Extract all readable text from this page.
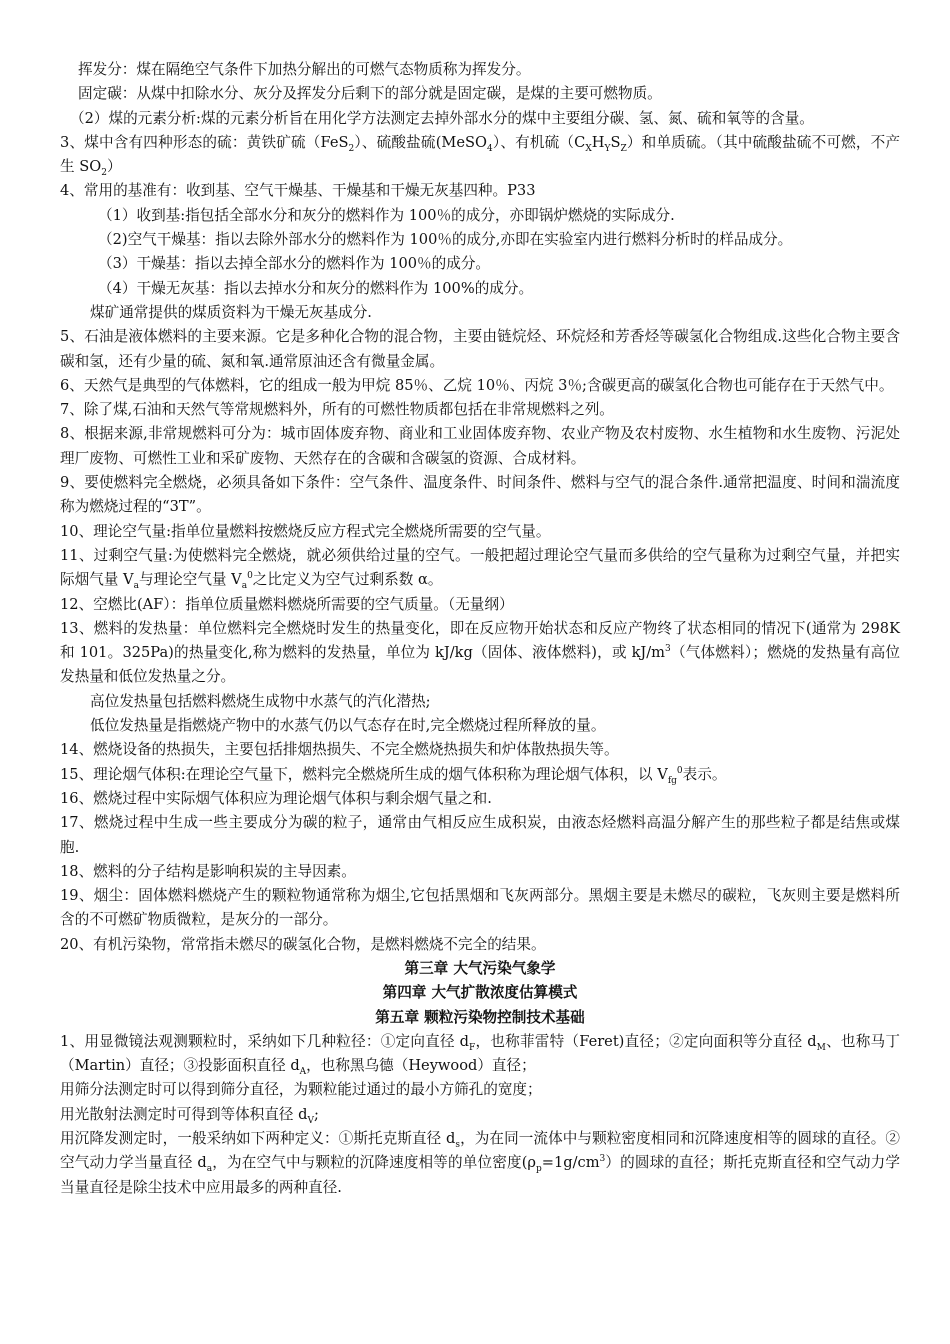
挥发分：煤在隔绝空气条件下加热分解出的可燃气态物质称为挥发分。

固定碳：从煤中扣除水分、灰分及挥发分后剩下的部分就是固定碳，是煤的主要可燃物质。

（2）煤的元素分析:煤的元素分析旨在用化学方法测定去掉外部水分的煤中主要组分碳、氢、氮、硫和氧等的含量。

3、煤中含有四种形态的硫：黄铁矿硫（FeS$_2$）、硫酸盐硫(MeSO$_4$）、有机硫$(C_XH_YS_Z)$和单质硫。（其中硫酸盐硫不可燃，不产生 $SO_2$）

4、常用的基准有：收到基、空气干燥基、干燥基和干燥无灰基四种。P33

（1）收到基:指包括全部水分和灰分的燃料作为 100％的成分，亦即锅炉燃烧的实际成分.

（2)空气干燥基：指以去除外部水分的燃料作为 100％的成分,亦即在实验室内进行燃料分析时的样品成分。

（3）干燥基：指以去掉全部水分的燃料作为 100％的成分。

（4）干燥无灰基：指以去掉水分和灰分的燃料作为 100%的成分。

煤矿通常提供的煤质资料为干燥无灰基成分.

5、石油是液体燃料的主要来源。它是多种化合物的混合物，主要由链烷烃、环烷烃和芳香烃等碳氢化合物组成.这些化合物主要含碳和氢，还有少量的硫、氮和氧.通常原油还含有微量金属。

6、天然气是典型的气体燃料，它的组成一般为甲烷 85％、乙烷 10％、丙烷 3％;含碳更高的碳氢化合物也可能存在于天然气中。

7、除了煤,石油和天然气等常规燃料外，所有的可燃性物质都包括在非常规燃料之列。

8、根据来源,非常规燃料可分为：城市固体废弃物、商业和工业固体废弃物、农业产物及农村废物、水生植物和水生废物、污泥处理厂废物、可燃性工业和采矿废物、天然存在的含碳和含碳氢的资源、合成材料。

9、要使燃料完全燃烧，必须具备如下条件：空气条件、温度条件、时间条件、燃料与空气的混合条件.通常把温度、时间和湍流度称为燃烧过程的“3T”。

10、理论空气量:指单位量燃料按燃烧反应方程式完全燃烧所需要的空气量。

11、过剩空气量:为使燃料完全燃烧，就必须供给过量的空气。一般把超过理论空气量而多供给的空气量称为过剩空气量，并把实际烟气量 $V_a$与理论空气量 $V_a^0$之比定义为空气过剩系数 α。

12、空燃比(AF）：指单位质量燃料燃烧所需要的空气质量。（无量纲）

13、燃料的发热量：单位燃料完全燃烧时发生的热量变化，即在反应物开始状态和反应产物终了状态相同的情况下(通常为 298K 和 101。325Pa)的热量变化,称为燃料的发热量，单位为 kJ/kg（固体、液体燃料)，或 $kJ/m^3$（气体燃料）；燃烧的发热量有高位发热量和低位发热量之分。

高位发热量包括燃料燃烧生成物中水蒸气的汽化潜热;

低位发热量是指燃烧产物中的水蒸气仍以气态存在时,完全燃烧过程所释放的量。

14、燃烧设备的热损失，主要包括排烟热损失、不完全燃烧热损失和炉体散热损失等。

15、理论烟气体积:在理论空气量下，燃料完全燃烧所生成的烟气体积称为理论烟气体积，以 $V_{fg}^0$表示。

16、燃烧过程中实际烟气体积应为理论烟气体积与剩余烟气量之和.

17、燃烧过程中生成一些主要成分为碳的粒子，通常由气相反应生成积炭，由液态烃燃料高温分解产生的那些粒子都是结焦或煤胞.

18、燃料的分子结构是影响积炭的主导因素。

19、烟尘：固体燃料燃烧产生的颗粒物通常称为烟尘,它包括黑烟和飞灰两部分。黑烟主要是未燃尽的碳粒，飞灰则主要是燃料所含的不可燃矿物质微粒，是灰分的一部分。

20、有机污染物，常常指未燃尽的碳氢化合物，是燃料燃烧不完全的结果。

第三章 大气污染气象学

第四章 大气扩散浓度估算模式

第五章 颗粒污染物控制技术基础

1、用显微镜法观测颗粒时，采纳如下几种粒径：①定向直径 $d_F$，也称菲雷特（Feret)直径；②定向面积等分直径 $d_M$、也称马丁（Martin）直径；③投影面积直径 $d_A$，也称黑乌德（Heywood）直径；

用筛分法测定时可以得到筛分直径，为颗粒能过通过的最小方筛孔的宽度；

用光散射法测定时可得到等体积直径 $d_V$;

用沉降发测定时，一般采纳如下两种定义：①斯托克斯直径 $d_s$，为在同一流体中与颗粒密度相同和沉降速度相等的圆球的直径。②空气动力学当量直径 $d_a$，为在空气中与颗粒的沉降速度相等的单位密度$(\rho_p=1g/cm^3)$的圆球的直径；斯托克斯直径和空气动力学当量直径是除尘技术中应用最多的两种直径.
